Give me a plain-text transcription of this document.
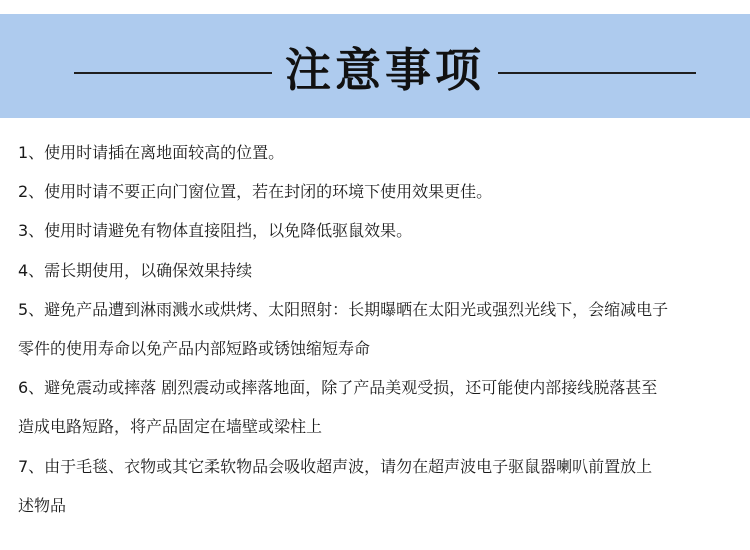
注意事项
1、使用时请插在离地面较高的位置。
2、使用时请不要正向门窗位置，若在封闭的环境下使用效果更佳。
3、使用时请避免有物体直接阻挡，以免降低驱鼠效果。
4、需长期使用，以确保效果持续
5、避免产品遭到淋雨溅水或烘烤、太阳照射：长期曝晒在太阳光或强烈光线下，会缩减电子
零件的使用寿命以免产品内部短路或锈蚀缩短寿命
6、避免震动或摔落 剧烈震动或摔落地面，除了产品美观受损，还可能使内部接线脱落甚至
造成电路短路，将产品固定在墙壁或梁柱上
7、由于毛毯、衣物或其它柔软物品会吸收超声波，请勿在超声波电子驱鼠器喇叭前置放上
述物品
